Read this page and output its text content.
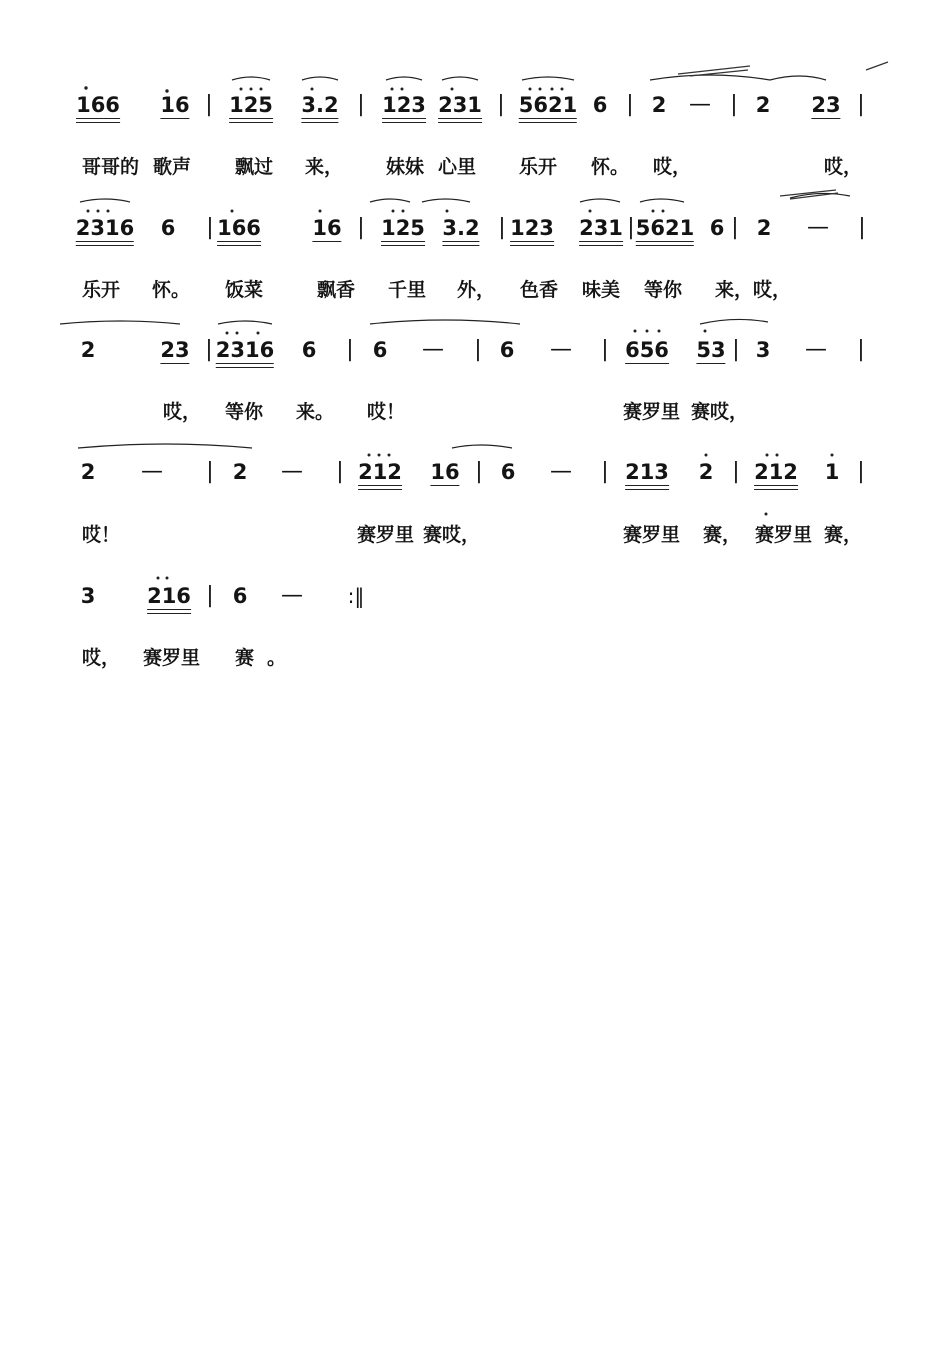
166 16 | 125 3.2 | 123 231 | 5621 6 | 2 — | 2 23 |
哥哥的 歌声 飘过 来， 妹妹 心里 乐开 怀。 哎，	哎，
2316 6 | 166 16 | 125 3.2 | 123 231 | 5621 6 | 2 — |
乐开 怀。 饭菜	飘香 千里 外， 色香 味美 等你 来，哎，
2	23 | 2316 6 | 6 — | 6 — | 656 53 | 3 — |
哎， 等你 来。 哎！	赛罗里 赛哎，
2 — | 2 — | 212 16 | 6 — | 213 2 | 212 1 |
哎！	赛罗里 赛哎，	赛罗里 赛， 赛罗里 赛，
3 216 | 6 — :‖
哎， 赛罗里 赛 。
